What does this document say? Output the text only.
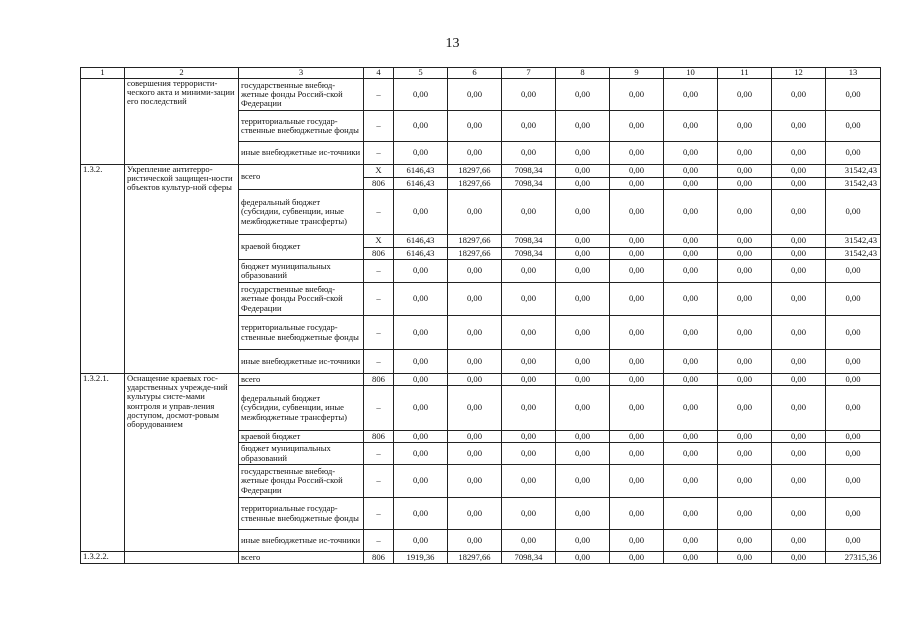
13
1	2	3	4	5	6	7	8	9	10	11	12	13
	совершения террористи-ческого акта и миними-зации его последствий	государственные внебюд-жетные фонды Россий-ской Федерации	–	0,00	0,00	0,00	0,00	0,00	0,00	0,00	0,00	0,00
		территориальные государ-ственные внебюджетные фонды	–	0,00	0,00	0,00	0,00	0,00	0,00	0,00	0,00	0,00
		иные внебюджетные ис-точники	–	0,00	0,00	0,00	0,00	0,00	0,00	0,00	0,00	0,00
1.3.2.	Укрепление антитерро-ристической защищен-ности объектов культур-ной сферы	всего	X	6146,43	18297,66	7098,34	0,00	0,00	0,00	0,00	0,00	31542,43
			806	6146,43	18297,66	7098,34	0,00	0,00	0,00	0,00	0,00	31542,43
		федеральный бюджет (субсидии, субвенции, иные межбюджетные трансферты)	–	0,00	0,00	0,00	0,00	0,00	0,00	0,00	0,00	0,00
		краевой бюджет	X	6146,43	18297,66	7098,34	0,00	0,00	0,00	0,00	0,00	31542,43
			806	6146,43	18297,66	7098,34	0,00	0,00	0,00	0,00	0,00	31542,43
		бюджет муниципальных образований	–	0,00	0,00	0,00	0,00	0,00	0,00	0,00	0,00	0,00
		государственные внебюд-жетные фонды Россий-ской Федерации	–	0,00	0,00	0,00	0,00	0,00	0,00	0,00	0,00	0,00
		территориальные государ-ственные внебюджетные фонды	–	0,00	0,00	0,00	0,00	0,00	0,00	0,00	0,00	0,00
		иные внебюджетные ис-точники	–	0,00	0,00	0,00	0,00	0,00	0,00	0,00	0,00	0,00
1.3.2.1.	Оснащение краевых гос-ударственных учрежде-ний культуры систе-мами контроля и управ-ления доступом, досмот-ровым оборудованием	всего	806	0,00	0,00	0,00	0,00	0,00	0,00	0,00	0,00	0,00
		федеральный бюджет (субсидии, субвенции, иные межбюджетные трансферты)	–	0,00	0,00	0,00	0,00	0,00	0,00	0,00	0,00	0,00
		краевой бюджет	806	0,00	0,00	0,00	0,00	0,00	0,00	0,00	0,00	0,00
		бюджет муниципальных образований	–	0,00	0,00	0,00	0,00	0,00	0,00	0,00	0,00	0,00
		государственные внебюд-жетные фонды Россий-ской Федерации	–	0,00	0,00	0,00	0,00	0,00	0,00	0,00	0,00	0,00
		территориальные государ-ственные внебюджетные фонды	–	0,00	0,00	0,00	0,00	0,00	0,00	0,00	0,00	0,00
		иные внебюджетные ис-точники	–	0,00	0,00	0,00	0,00	0,00	0,00	0,00	0,00	0,00
1.3.2.2.		всего	806	1919,36	18297,66	7098,34	0,00	0,00	0,00	0,00	0,00	27315,36
